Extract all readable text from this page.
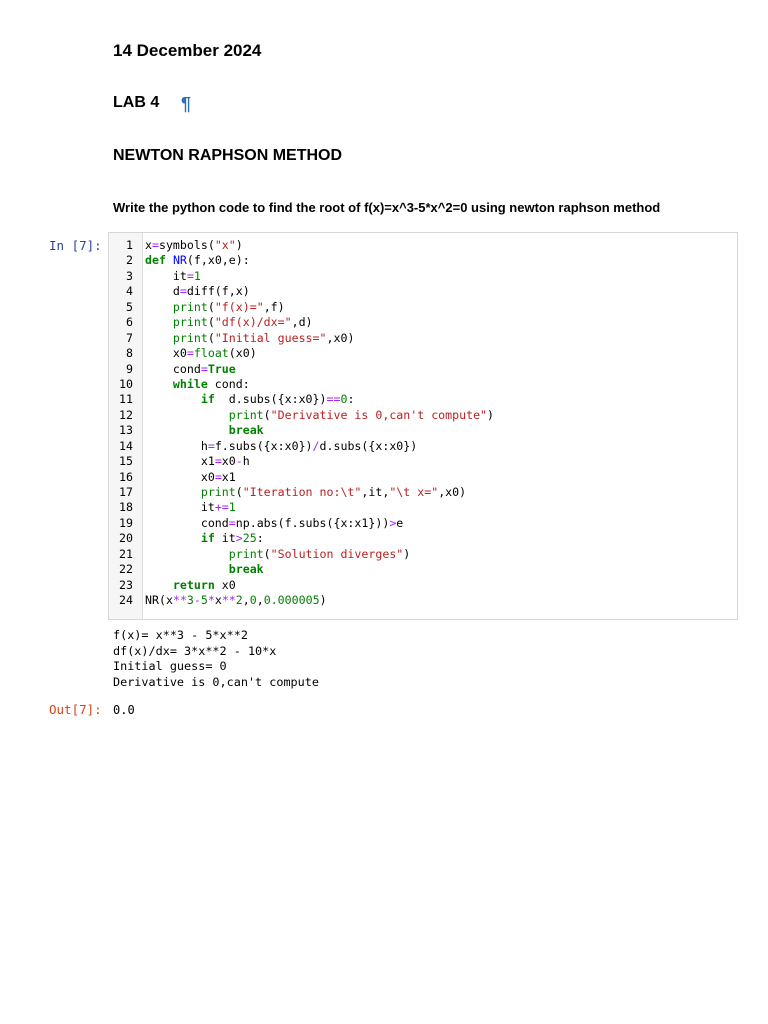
14 December 2024
LAB 4 ¶
NEWTON RAPHSON METHOD
Write the python code to find the root of f(x)=x^3-5*x^2=0 using newton raphson method
In [7]:	1 x=symbols("x")
2 def NR(f,x0,e):
3 it=1
4 d=diff(f,x)
5	print("f(x)=",f)
6	print("df(x)/dx=",d)
7	print("Initial guess=",x0)
8 x0=float(x0)
9 cond=True
10	while cond:
11	if  d.subs({x:x0})==0:
12	print("Derivative is 0,can't compute")
13	break
14 h=f.subs({x:x0})/d.subs({x:x0})
15 x1=x0-h
16 x0=x1
17	print("Iteration no:\t",it,"\t x=",x0)
18 it+=1
19 cond=np.abs(f.subs({x:x1}))>e
20	if it>25:
21	print("Solution diverges")
22	break
23	return x0
24 NR(x**3-5*x**2,0,0.000005)
f(x)= x**3 - 5*x**2
df(x)/dx= 3*x**2 - 10*x
Initial guess= 0
Derivative is 0,can't compute
Out[7]: 0.0
